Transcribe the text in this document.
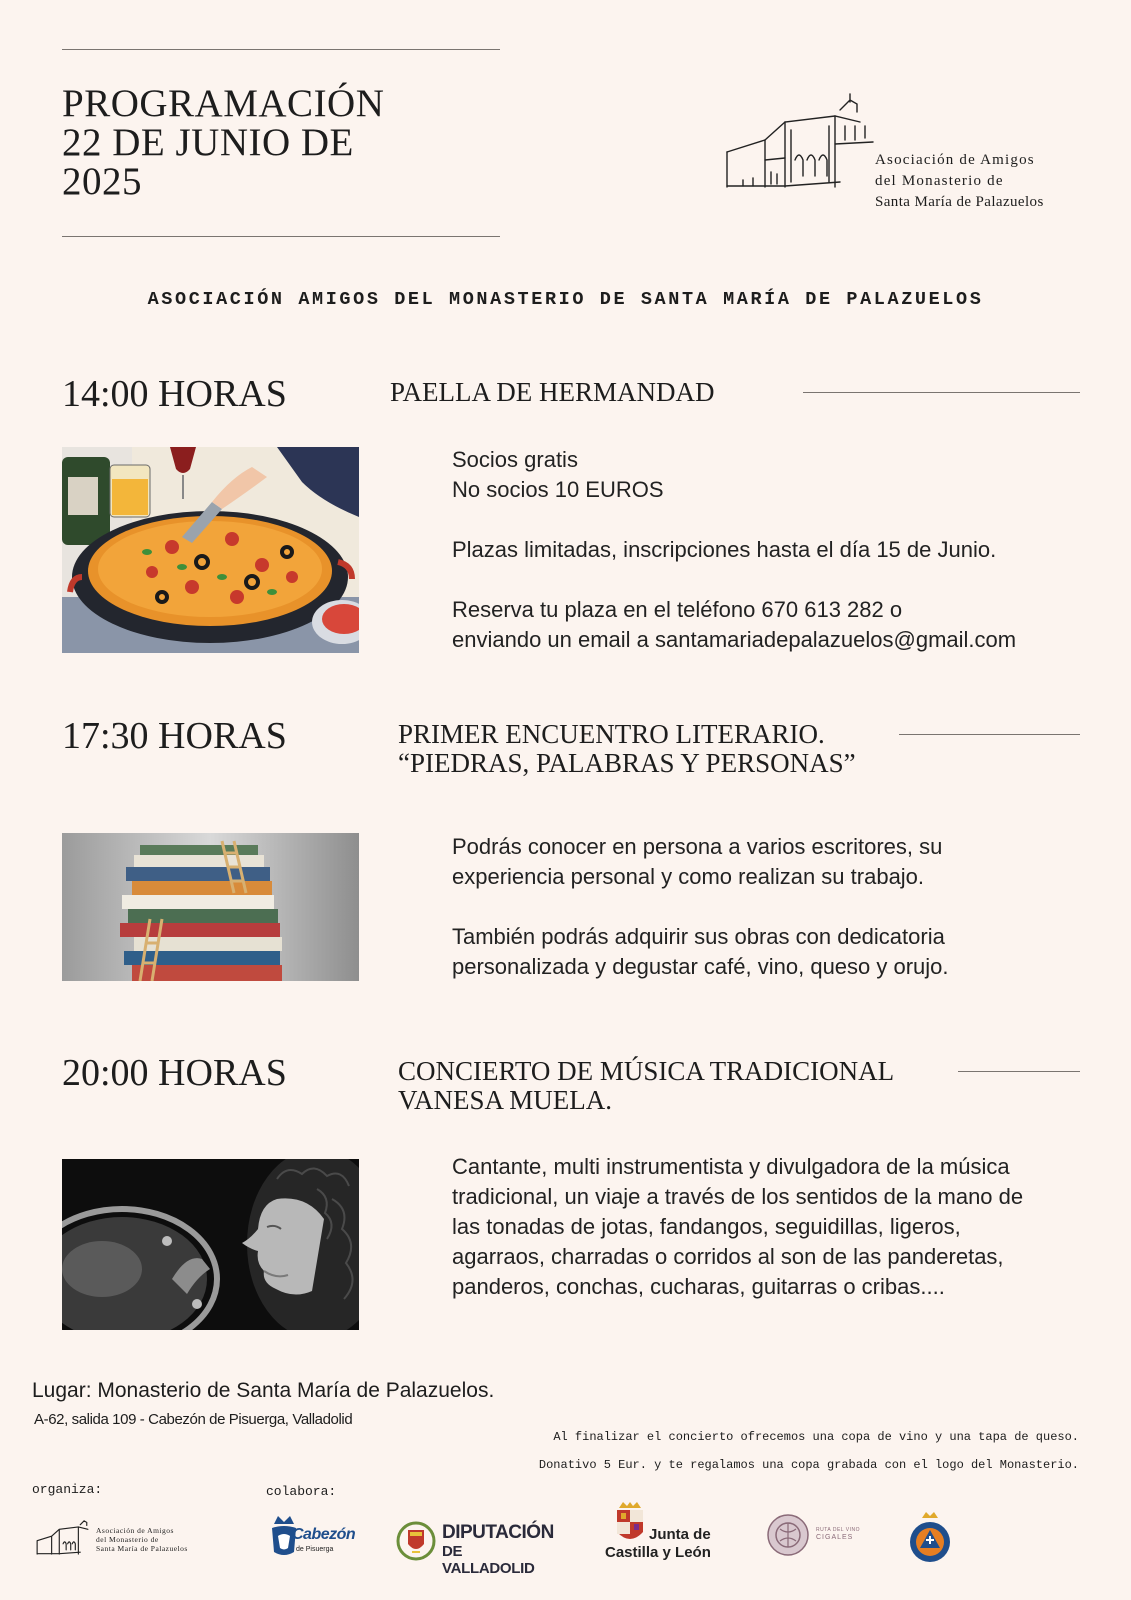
PROGRAMACIÓN
22 DE JUNIO DE
2025	Asociación de Amigos
del Monasterio de
Santa María de Palazuelos
ASOCIACIÓN AMIGOS DEL MONASTERIO DE SANTA MARÍA DE PALAZUELOS
14:00 HORAS	PAELLA DE HERMANDAD

Socios gratis

No socios 10 EUROS

Plazas limitadas, inscripciones hasta el día 15 de Junio.

Reserva tu plaza en el teléfono 670 613 282 o

enviando un email a santamariadepalazuelos@gmail.com

17:30 HORAS	PRIMER ENCUENTRO LITERARIO.
“PIEDRAS, PALABRAS Y PERSONAS”

Podrás conocer en persona a varios escritores, su

experiencia personal y como realizan su trabajo.

También podrás adquirir sus obras con dedicatoria

personalizada y degustar café, vino, queso y orujo.

20:00 HORAS	CONCIERTO DE MÚSICA TRADICIONAL
VANESA MUELA.

Cantante, multi instrumentista y divulgadora de la música

tradicional, un viaje a través de los sentidos de la mano de

las tonadas de jotas, fandangos, seguidillas, ligeros,

agarraos, charradas o corridos al son de las panderetas,

panderos, conchas, cucharas, guitarras o cribas....

Lugar: Monasterio de Santa María de Palazuelos.
A-62, salida 109 - Cabezón de Pisuerga, Valladolid
Al finalizar el concierto ofrecemos una copa de vino y una tapa de queso.
Donativo 5 Eur. y te regalamos una copa grabada con el logo del Monasterio.
organiza:	colabora:
Asociación de Amigos
del Monasterio de
Santa María de Palazuelos
Cabezón
de Pisuerga
DIPUTACIÓN
DE VALLADOLID
Junta de
Castilla y León
RUTA DEL VINO
CIGALES
